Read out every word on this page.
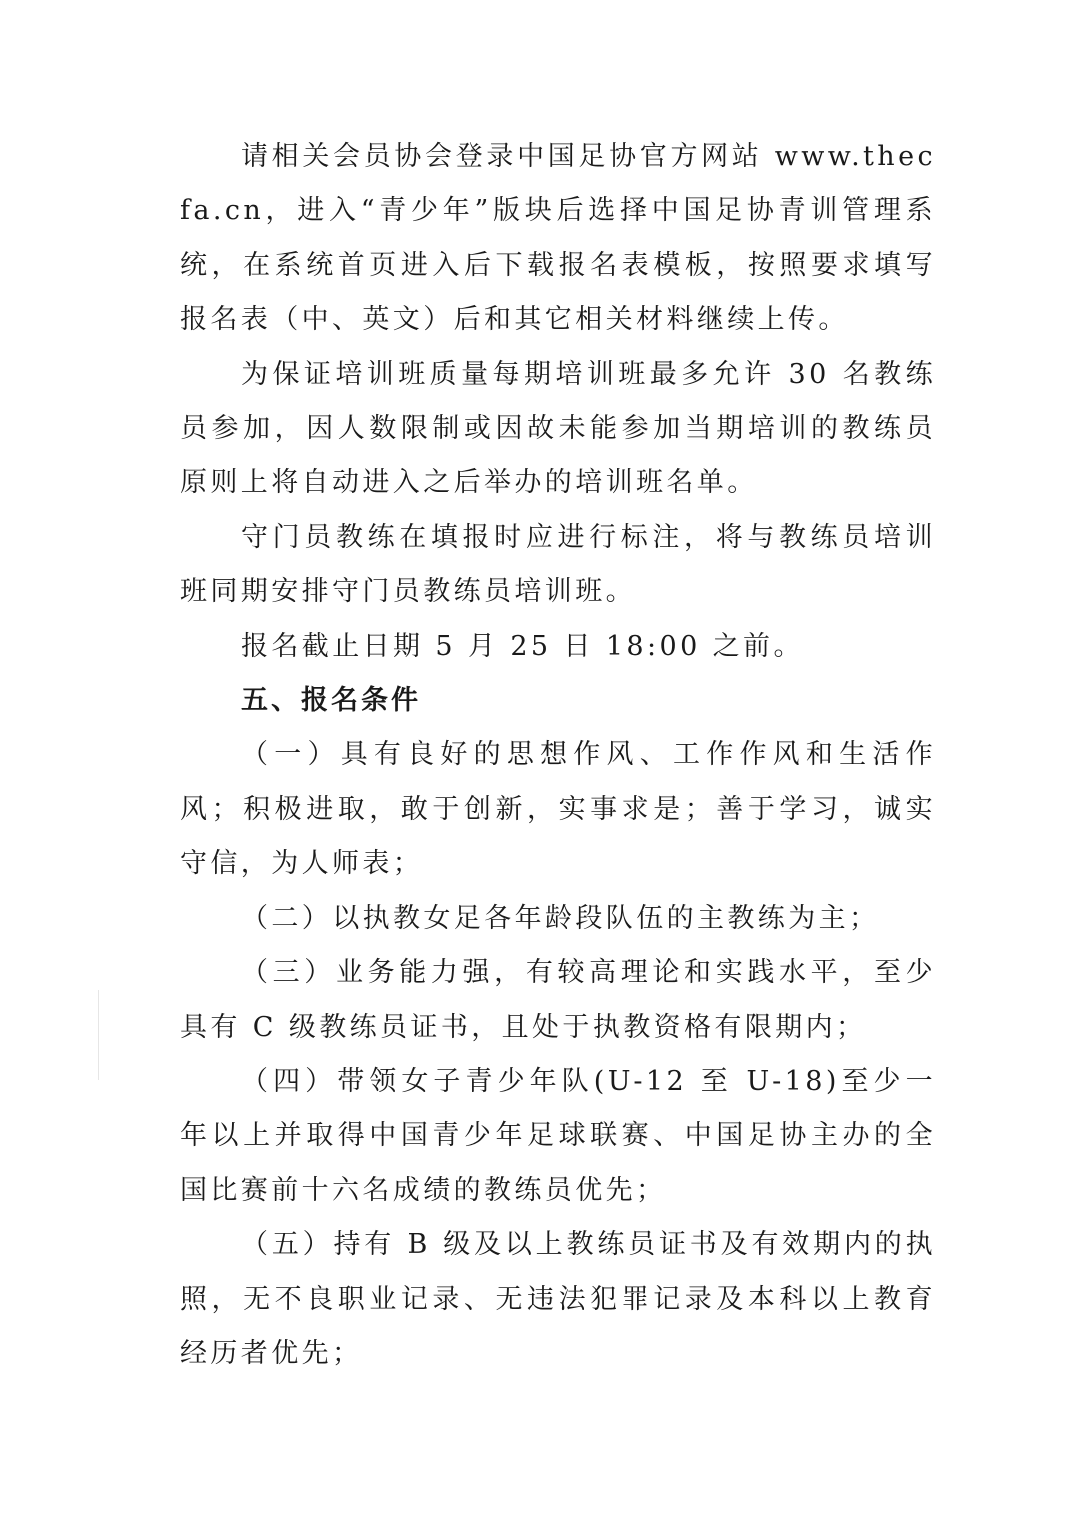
请相关会员协会登录中国足协官方网站 www.thecfa.cn，进入“青少年”版块后选择中国足协青训管理系统，在系统首页进入后下载报名表模板，按照要求填写报名表（中、英文）后和其它相关材料继续上传。

为保证培训班质量每期培训班最多允许 30 名教练员参加，因人数限制或因故未能参加当期培训的教练员原则上将自动进入之后举办的培训班名单。

守门员教练在填报时应进行标注，将与教练员培训班同期安排守门员教练员培训班。

报名截止日期 5 月 25 日 18:00 之前。

五、报名条件

（一）具有良好的思想作风、工作作风和生活作风；积极进取，敢于创新，实事求是；善于学习，诚实守信，为人师表；

（二）以执教女足各年龄段队伍的主教练为主；

（三）业务能力强，有较高理论和实践水平，至少具有 C 级教练员证书，且处于执教资格有限期内；

（四）带领女子青少年队(U-12 至 U-18)至少一年以上并取得中国青少年足球联赛、中国足协主办的全国比赛前十六名成绩的教练员优先；

（五）持有 B 级及以上教练员证书及有效期内的执照，无不良职业记录、无违法犯罪记录及本科以上教育经历者优先；
